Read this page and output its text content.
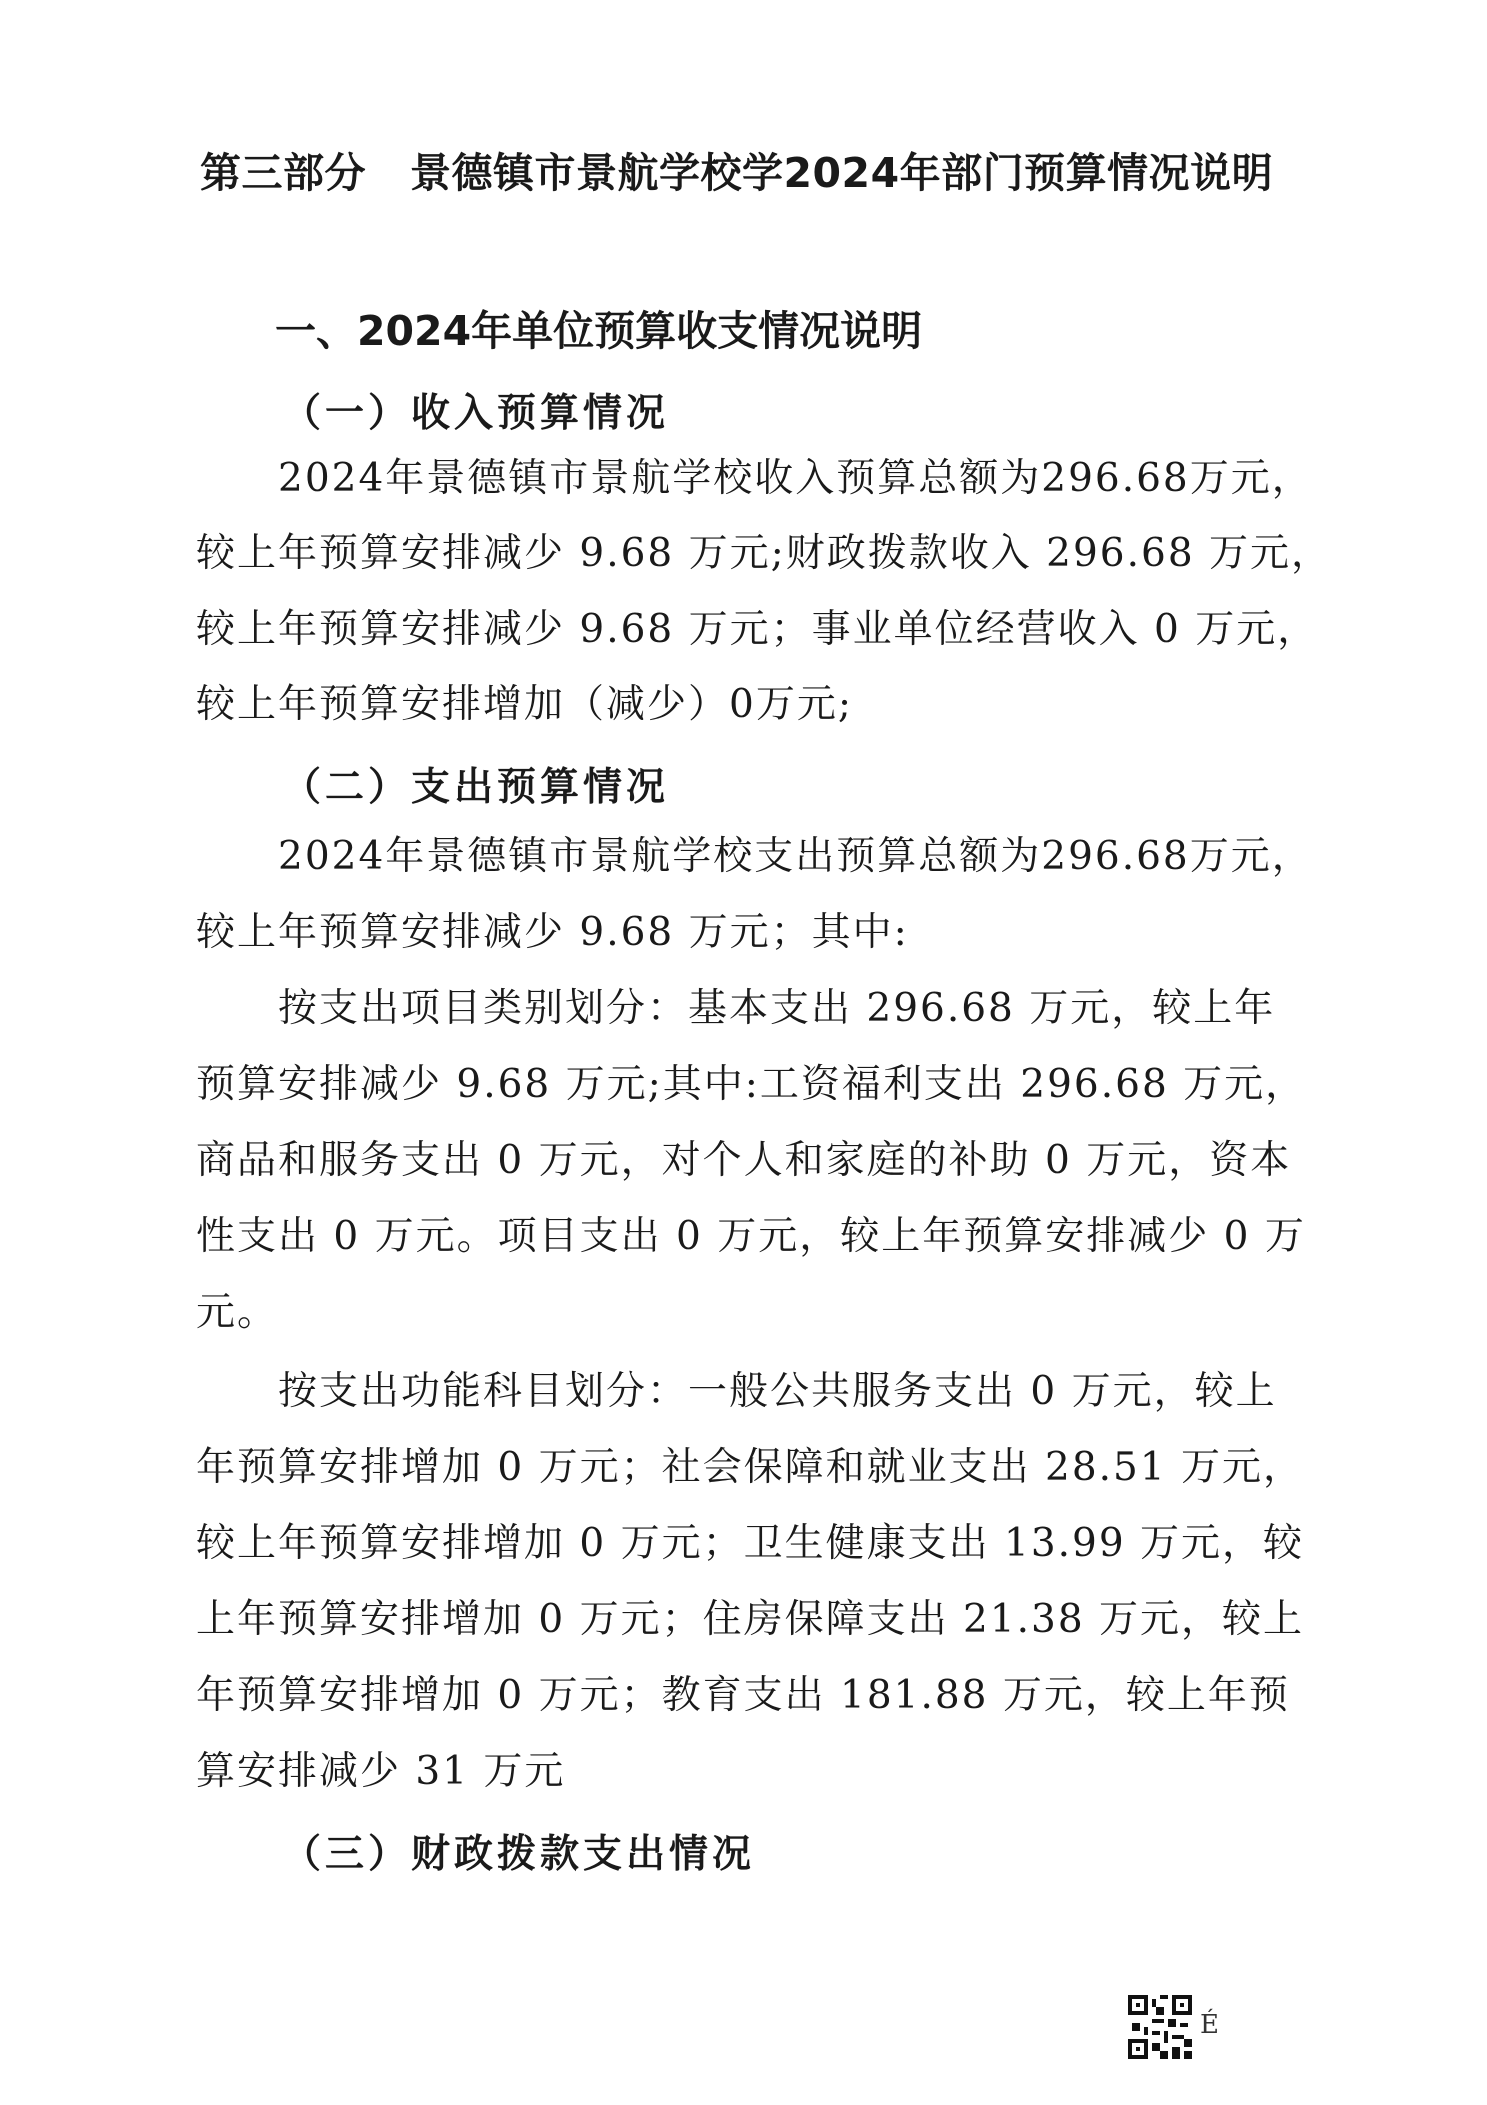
第三部分 景德镇市景航学校学2024年部门预算情况说明
一、2024年单位预算收支情况说明
（一）收入预算情况
2024年景德镇市景航学校收入预算总额为296.68万元，
较上年预算安排减少 9.68 万元;财政拨款收入 296.68 万元，
较上年预算安排减少 9.68 万元；事业单位经营收入 0 万元，
较上年预算安排增加（减少）0万元;
（二）支出预算情况
2024年景德镇市景航学校支出预算总额为296.68万元，
较上年预算安排减少 9.68 万元；其中:
按支出项目类别划分：基本支出 296.68 万元，较上年
预算安排减少 9.68 万元;其中:工资福利支出 296.68 万元，
商品和服务支出 0 万元，对个人和家庭的补助 0 万元，资本
性支出 0 万元。项目支出 0 万元，较上年预算安排减少 0 万
元。
按支出功能科目划分：一般公共服务支出 0 万元，较上
年预算安排增加 0 万元；社会保障和就业支出 28.51 万元，
较上年预算安排增加 0 万元；卫生健康支出 13.99 万元，较
上年预算安排增加 0 万元；住房保障支出 21.38 万元，较上
年预算安排增加 0 万元；教育支出 181.88 万元，较上年预
算安排减少 31 万元
（三）财政拨款支出情况
É
